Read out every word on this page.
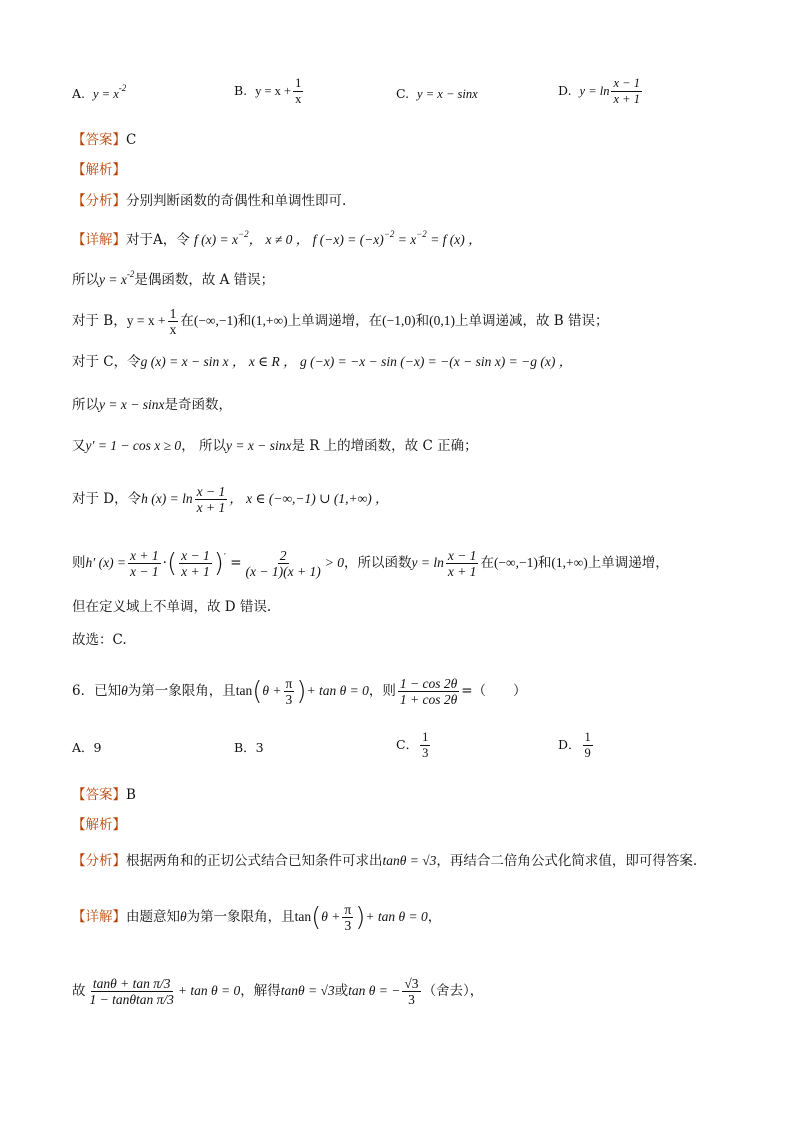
A. $y = x^{-2}$	B. $y = x + \frac{1}{x}$	C. y = x − sinx	D. $y = \ln \frac{x - 1}{x + 1}$
【答案】C
【解析】
【分析】分别判断函数的奇偶性和单调性即可.
【详解】对于A，令 f $(x) = x^{-2}$， x ≠ 0 ， f $(-x) = (-x)^{-2} = x^{-2} = f$ (x) ，
所以$y = x^{-2}$是偶函数，故 A 错误；
对于 B，$y = x + \frac{1}{x}$ 在(−∞,−1)和(1,+∞)上单调递增，在(−1,0)和(0,1)上单调递减，故 B 错误；
对于 C，令g (x) = x − sin x ， x ∈ R ， g (−x) = −x − sin (−x) = −(x − sin x) = −g (x) ，
所以y = x − sinx是奇函数，
又y′ = 1 − cos x ≥ 0， 所以y = x − sinx是 R 上的增函数，故 C 正确；
对于 D，令h $(x) = \ln \frac{x - 1}{x + 1}$ ， x ∈ (−∞,−1) ∪ (1,+∞) ，
则h′ $(x) = \frac{x + 1}{x - 1}$ ·( $\frac{x - 1}{x + 1} )' = \frac{2}{(x - 1)(x + 1)} > 0$，所以函数$y = \ln \frac{x - 1}{x + 1}$ 在(−∞,−1)和(1,+∞)上单调递增，
但在定义域上不单调，故 D 错误.
故选：C.
6．已知θ为第一象限角，且$\tan(\theta + \frac{\pi}{3}$ )+ tan θ = 0，则 $\frac{1 - \cos 2\theta}{1 + \cos 2\theta}$ =（　　）
A．9	B．3	C． $\frac{1}{3}$	D． $\frac{1}{9}$
【答案】B
【解析】
【分析】根据两角和的正切公式结合已知条件可求出tanθ = √3，再结合二倍角公式化简求值，即可得答案.
【详解】由题意知θ为第一象限角，且$\tan(\theta + \frac{\pi}{3}$ )+ tan θ = 0，
故 $\frac{\text{tanθ + tan π/3}}{\text{1 − tanθtan π/3}} + \tan \theta = 0$，解得tanθ = √3或tan θ = − $\frac{√3}{3}$ （舍去），
